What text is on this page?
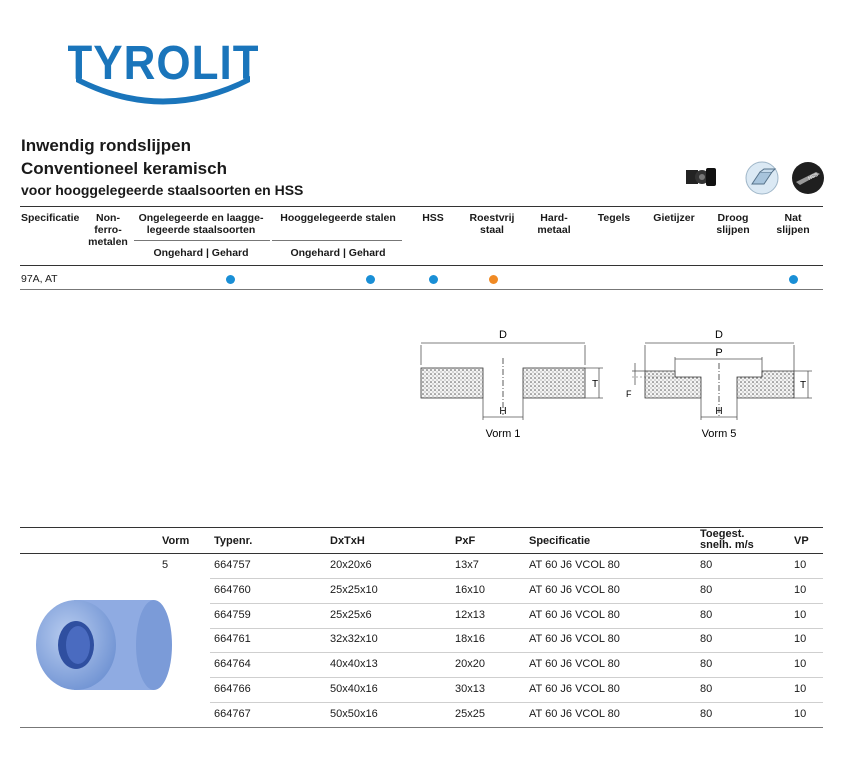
TYROLIT
Inwendig rondslijpen
Conventioneel keramisch
voor hooggelegeerde staalsoorten en HSS
HSS
Specificatie	Non-
ferro-
metalen
Ongelegeerde en laagge-
legeerde staalsoorten
Ongehard | Gehard
Hooggelegeerde stalen
Ongehard | Gehard
HSS	Roestvrij
staal
Hard-
metaal
Tegels	Gietijzer	Droog
slijpen
Nat
slijpen
97A, AT
D
T
H
Vorm 1
D
P
T
F
H
Vorm 5
Vorm Typenr.	DxTxH	PxF	Specificatie
Toegest.
snelh. m/s	VP
5	664757	20x20x6	13x7	AT 60 J6 VCOL 80	80	10
664760	25x25x10	16x10	AT 60 J6 VCOL 80	80	10
664759	25x25x6	12x13	AT 60 J6 VCOL 80	80	10
664761	32x32x10	18x16	AT 60 J6 VCOL 80	80	10
664764	40x40x13	20x20	AT 60 J6 VCOL 80	80	10
664766	50x40x16	30x13	AT 60 J6 VCOL 80	80	10
664767	50x50x16	25x25	AT 60 J6 VCOL 80	80	10
